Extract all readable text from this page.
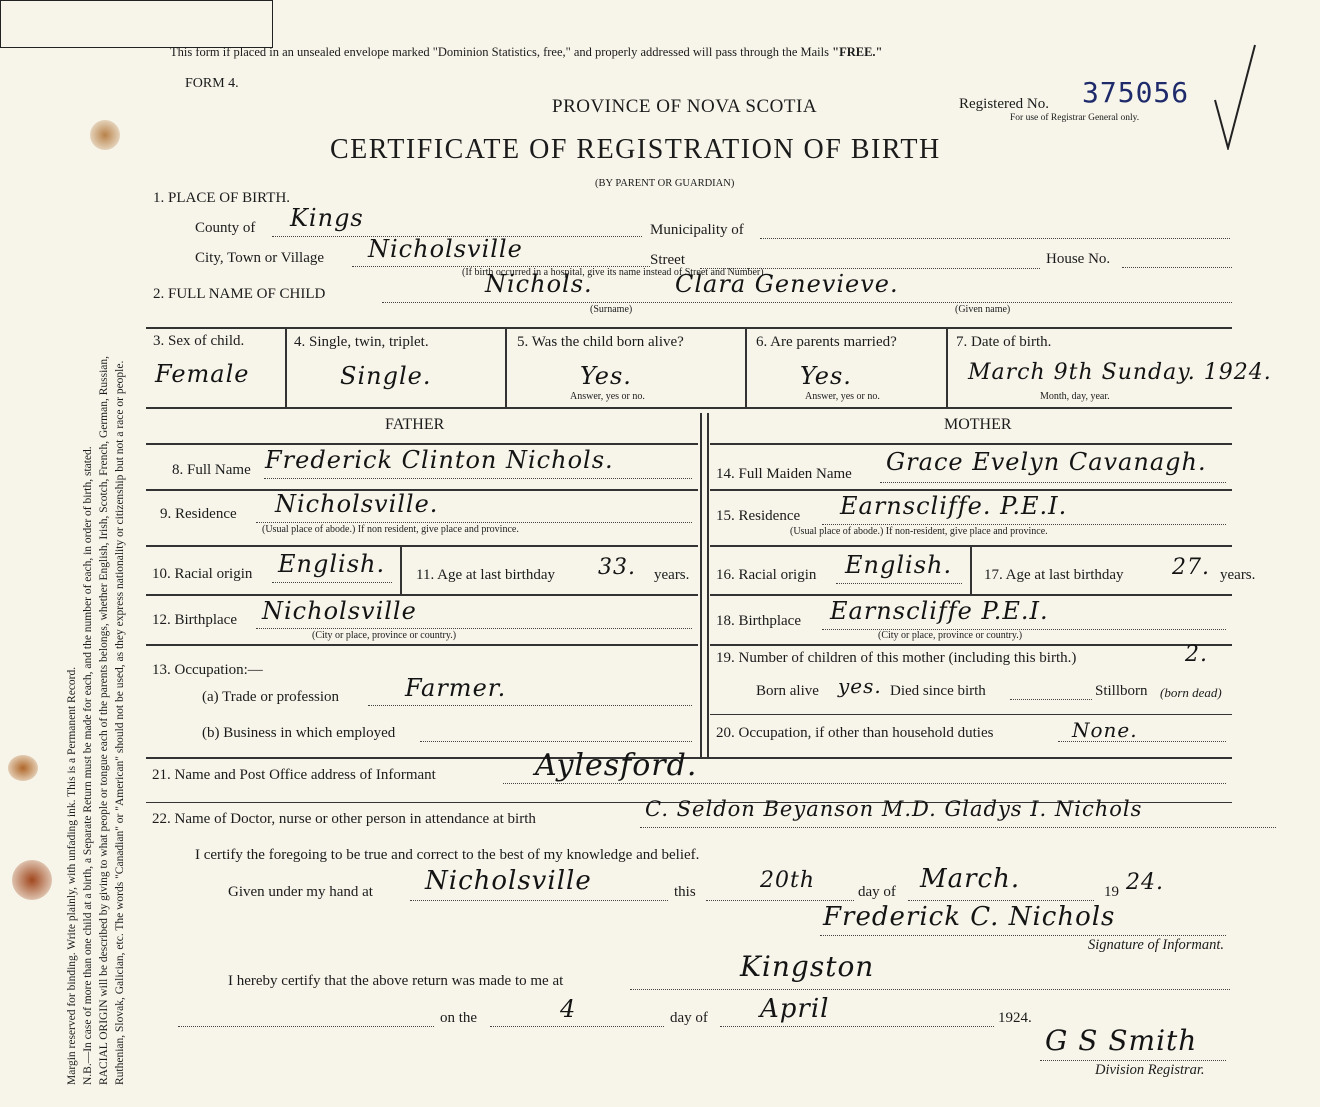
Margin reserved for binding. Write plainly, with unfading ink. This is a Permanent Record. N.B.—In case of more than one child at a birth, a Separate Return must be made for each, and the number of each, in order of birth, stated. RACIAL ORIGIN will be described by giving to what people or tongue each of the parents belongs, whether English, Irish, Scotch, French, German, Russian, Ruthenian, Slovak, Galician, etc. The words "Canadian" or "American" should not be used, as they express nationality or citizenship but not a race or people.
This form if placed in an unsealed envelope marked "Dominion Statistics, free," and properly addressed will pass through the Mails "FREE."
FORM 4.
PROVINCE OF NOVA SCOTIA
CERTIFICATE OF REGISTRATION OF BIRTH
(BY PARENT OR GUARDIAN)
Registered No. 375056
For use of Registrar General only.
1. PLACE OF BIRTH.
County of Kings	Municipality of
City, Town or Village Nicholsville	Street	House No.
(If birth occurred in a hospital, give its name instead of Street and Number)
2. FULL NAME OF CHILD	Nichols.	Clara Genevieve.
(Surname)	(Given name)
3. Sex of child.
Female
4. Single, twin, triplet.
Single.
5. Was the child born alive?
Yes.
Answer, yes or no.
6. Are parents married?
Yes.
Answer, yes or no.
7. Date of birth.
March 9th Sunday. 1924.
Month, day, year.
FATHER	MOTHER
8. Full Name Frederick Clinton Nichols.
9. Residence Nicholsville.
(Usual place of abode.) If non resident, give place and province.
10. Racial origin English. 11. Age at last birthday 33. years.
12. Birthplace Nicholsville
(City or place, province or country.)
13. Occupation:—
(a) Trade or profession	Farmer.
(b) Business in which employed
14. Full Maiden Name Grace Evelyn Cavanagh.
15. Residence Earnscliffe. P.E.I.
(Usual place of abode.) If non-resident, give place and province.
16. Racial origin English. 17. Age at last birthday 27. years.
18. Birthplace Earnscliffe P.E.I.
(City or place, province or country.)
19. Number of children of this mother (including this birth.)	2.
Born alive yes. Died since birth	Stillborn (born dead)
20. Occupation, if other than household duties	None.
21. Name and Post Office address of Informant	Aylesford.
22. Name of Doctor, nurse or other person in attendance at birth	C. Seldon Beyanson M.D. Gladys I. Nichols
I certify the foregoing to be true and correct to the best of my knowledge and belief.
Given under my hand at Nicholsville	this	20th	day of March.	19 24.
Frederick C. Nichols
Signature of Informant.
I hereby certify that the above return was made to me at	Kingston
on the	4	day of April	1924.
G S Smith
Division Registrar.
